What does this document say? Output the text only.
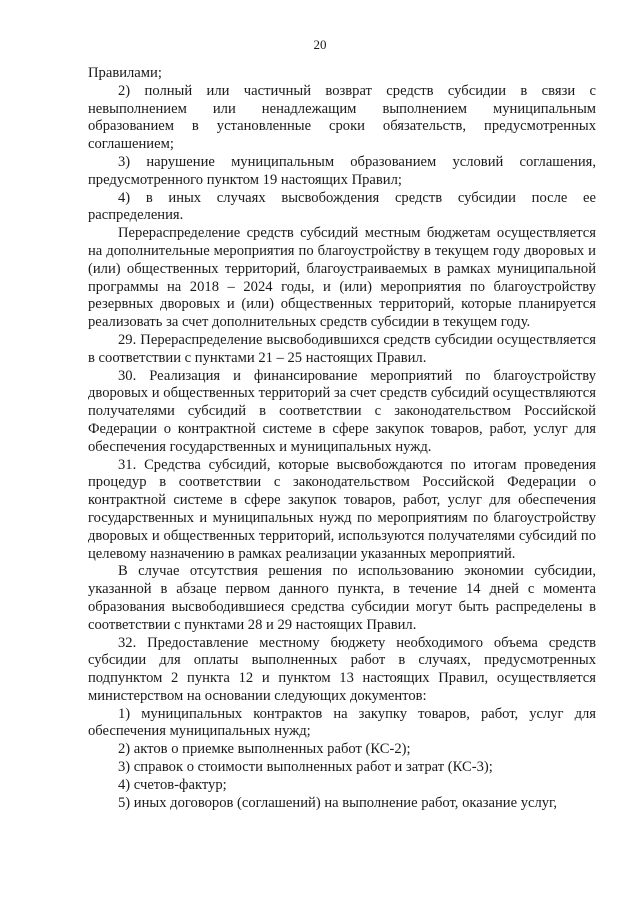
20

Правилами;

2) полный или частичный возврат средств субсидии в связи с невыполнением или ненадлежащим выполнением муниципальным образованием в установленные сроки обязательств, предусмотренных соглашением;

3) нарушение муниципальным образованием условий соглашения, предусмотренного пунктом 19 настоящих Правил;

4) в иных случаях высвобождения средств субсидии после ее распределения.

Перераспределение средств субсидий местным бюджетам осуществляется на дополнительные мероприятия по благоустройству в текущем году дворовых и (или) общественных территорий, благоустраиваемых в рамках муниципальной программы на 2018 – 2024 годы, и (или) мероприятия по благоустройству резервных дворовых и (или) общественных территорий, которые планируется реализовать за счет дополнительных средств субсидии в текущем году.

29. Перераспределение высвободившихся средств субсидии осуществляется в соответствии с пунктами 21 – 25 настоящих Правил.

30. Реализация и финансирование мероприятий по благоустройству дворовых и общественных территорий за счет средств субсидий осуществляются получателями субсидий в соответствии с законодательством Российской Федерации о контрактной системе в сфере закупок товаров, работ, услуг для обеспечения государственных и муниципальных нужд.

31. Средства субсидий, которые высвобождаются по итогам проведения процедур в соответствии с законодательством Российской Федерации о контрактной системе в сфере закупок товаров, работ, услуг для обеспечения государственных и муниципальных нужд по мероприятиям по благоустройству дворовых и общественных территорий, используются получателями субсидий по целевому назначению в рамках реализации указанных мероприятий.

В случае отсутствия решения по использованию экономии субсидии, указанной в абзаце первом данного пункта, в течение 14 дней с момента образования высвободившиеся средства субсидии могут быть распределены в соответствии с пунктами 28 и 29 настоящих Правил.

32. Предоставление местному бюджету необходимого объема средств субсидии для оплаты выполненных работ в случаях, предусмотренных подпунктом 2 пункта 12 и пунктом 13 настоящих Правил, осуществляется министерством на основании следующих документов:

1) муниципальных контрактов на закупку товаров, работ, услуг для обеспечения муниципальных нужд;

2) актов о приемке выполненных работ (КС-2);

3) справок о стоимости выполненных работ и затрат (КС-3);

4) счетов-фактур;

5) иных договоров (соглашений) на выполнение работ, оказание услуг,
